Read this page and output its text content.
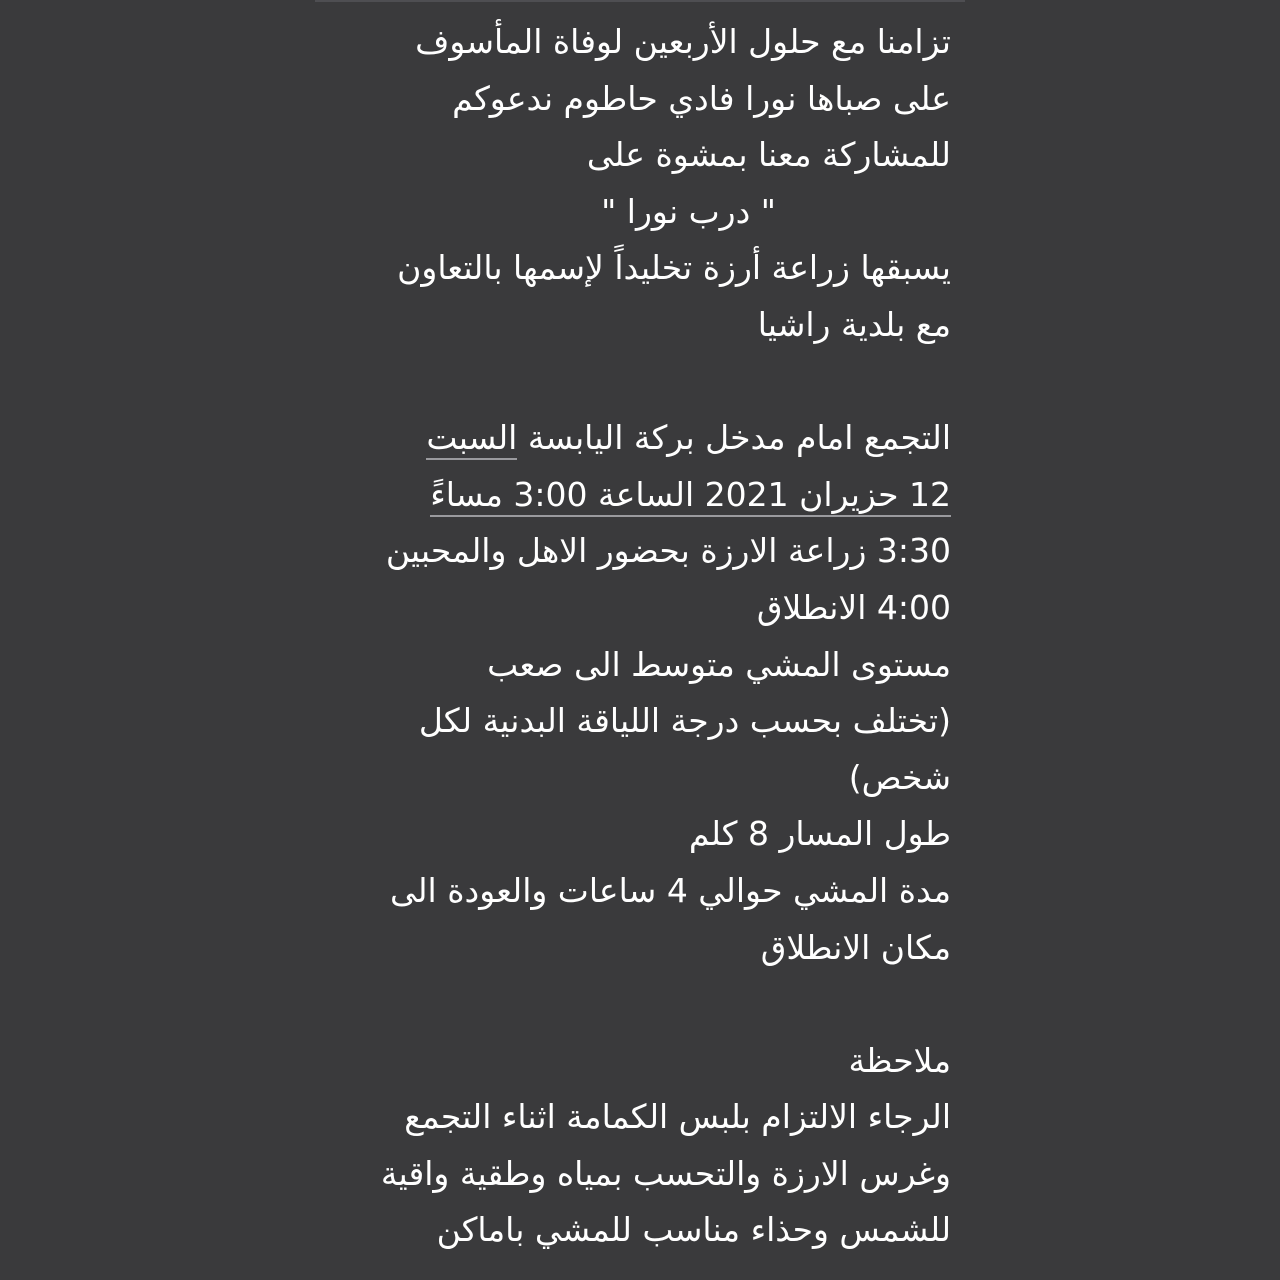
تزامنا مع حلول الأربعين لوفاة المأسوف
على صباها نورا فادي حاطوم ندعوكم
للمشاركة معنا بمشوة على
" درب نورا "
يسبقها زراعة أرزة تخليداً لإسمها بالتعاون
مع بلدية راشيا
التجمع امام مدخل بركة اليابسة السبت
12 حزيران 2021 الساعة 3:00 مساءً
3:30 زراعة الارزة بحضور الاهل والمحبين
4:00 الانطلاق
مستوى المشي متوسط الى صعب
(تختلف بحسب درجة اللياقة البدنية لكل
شخص)
طول المسار 8 كلم
مدة المشي حوالي 4 ساعات والعودة الى
مكان الانطلاق
ملاحظة
الرجاء الالتزام بلبس الكمامة اثناء التجمع
وغرس الارزة والتحسب بمياه وطقية واقية
للشمس وحذاء مناسب للمشي باماكن
